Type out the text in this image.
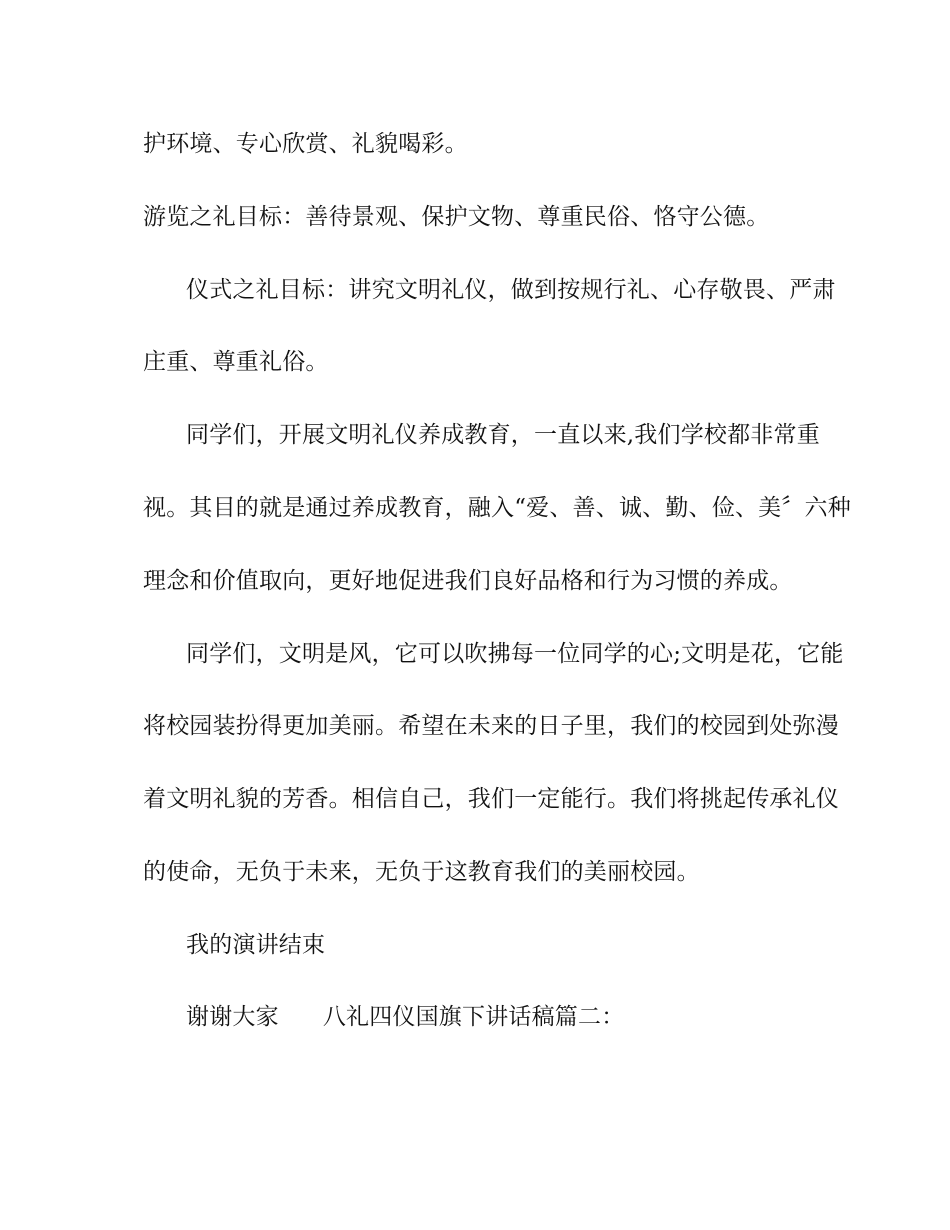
护环境、专心欣赏、礼貌喝彩。
游览之礼目标：善待景观、保护文物、尊重民俗、恪守公德。
仪式之礼目标：讲究文明礼仪，做到按规行礼、心存敬畏、严肃
庄重、尊重礼俗。
同学们，开展文明礼仪养成教育，一直以来,我们学校都非常重
视。其目的就是通过养成教育，融入“爱、善、诚、勤、俭、美〞六种
理念和价值取向，更好地促进我们良好品格和行为习惯的养成。
同学们，文明是风，它可以吹拂每一位同学的心;文明是花，它能
将校园装扮得更加美丽。希望在未来的日子里，我们的校园到处弥漫
着文明礼貌的芳香。相信自己，我们一定能行。我们将挑起传承礼仪
的使命，无负于未来，无负于这教育我们的美丽校园。
我的演讲结束
谢谢大家 八礼四仪国旗下讲话稿篇二：
